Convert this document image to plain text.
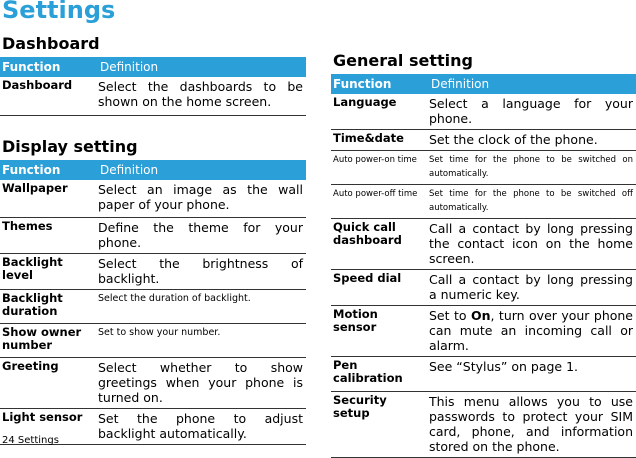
Settings
Dashboard
Function	Definition
Dashboard	Select the dashboards to be shown on the home screen.
Display setting
Function	Definition
Wallpaper	Select an image as the wall paper of your phone.
Themes	Define the theme for your phone.
Backlight level	Select the brightness of backlight.
Backlight duration	Select the duration of backlight.
Show owner number	Set to show your number.
Greeting	Select whether to show greetings when your phone is turned on.
Light sensor	Set the phone to adjust backlight automatically.
General setting
Function	Definition
Language	Select a language for your phone.
Time&date	Set the clock of the phone.
Auto power-on time	Set time for the phone to be switched on automatically.
Auto power-off time	Set time for the phone to be switched off automatically.
Quick call dashboard	Call a contact by long pressing the contact icon on the home screen.
Speed dial	Call a contact by long pressing a numeric key.
Motion sensor	Set to On, turn over your phone can mute an incoming call or alarm.
Pen calibration	See “Stylus” on page 1.
Security setup	This menu allows you to use passwords to protect your SIM card, phone, and information stored on the phone.

24 Settings
